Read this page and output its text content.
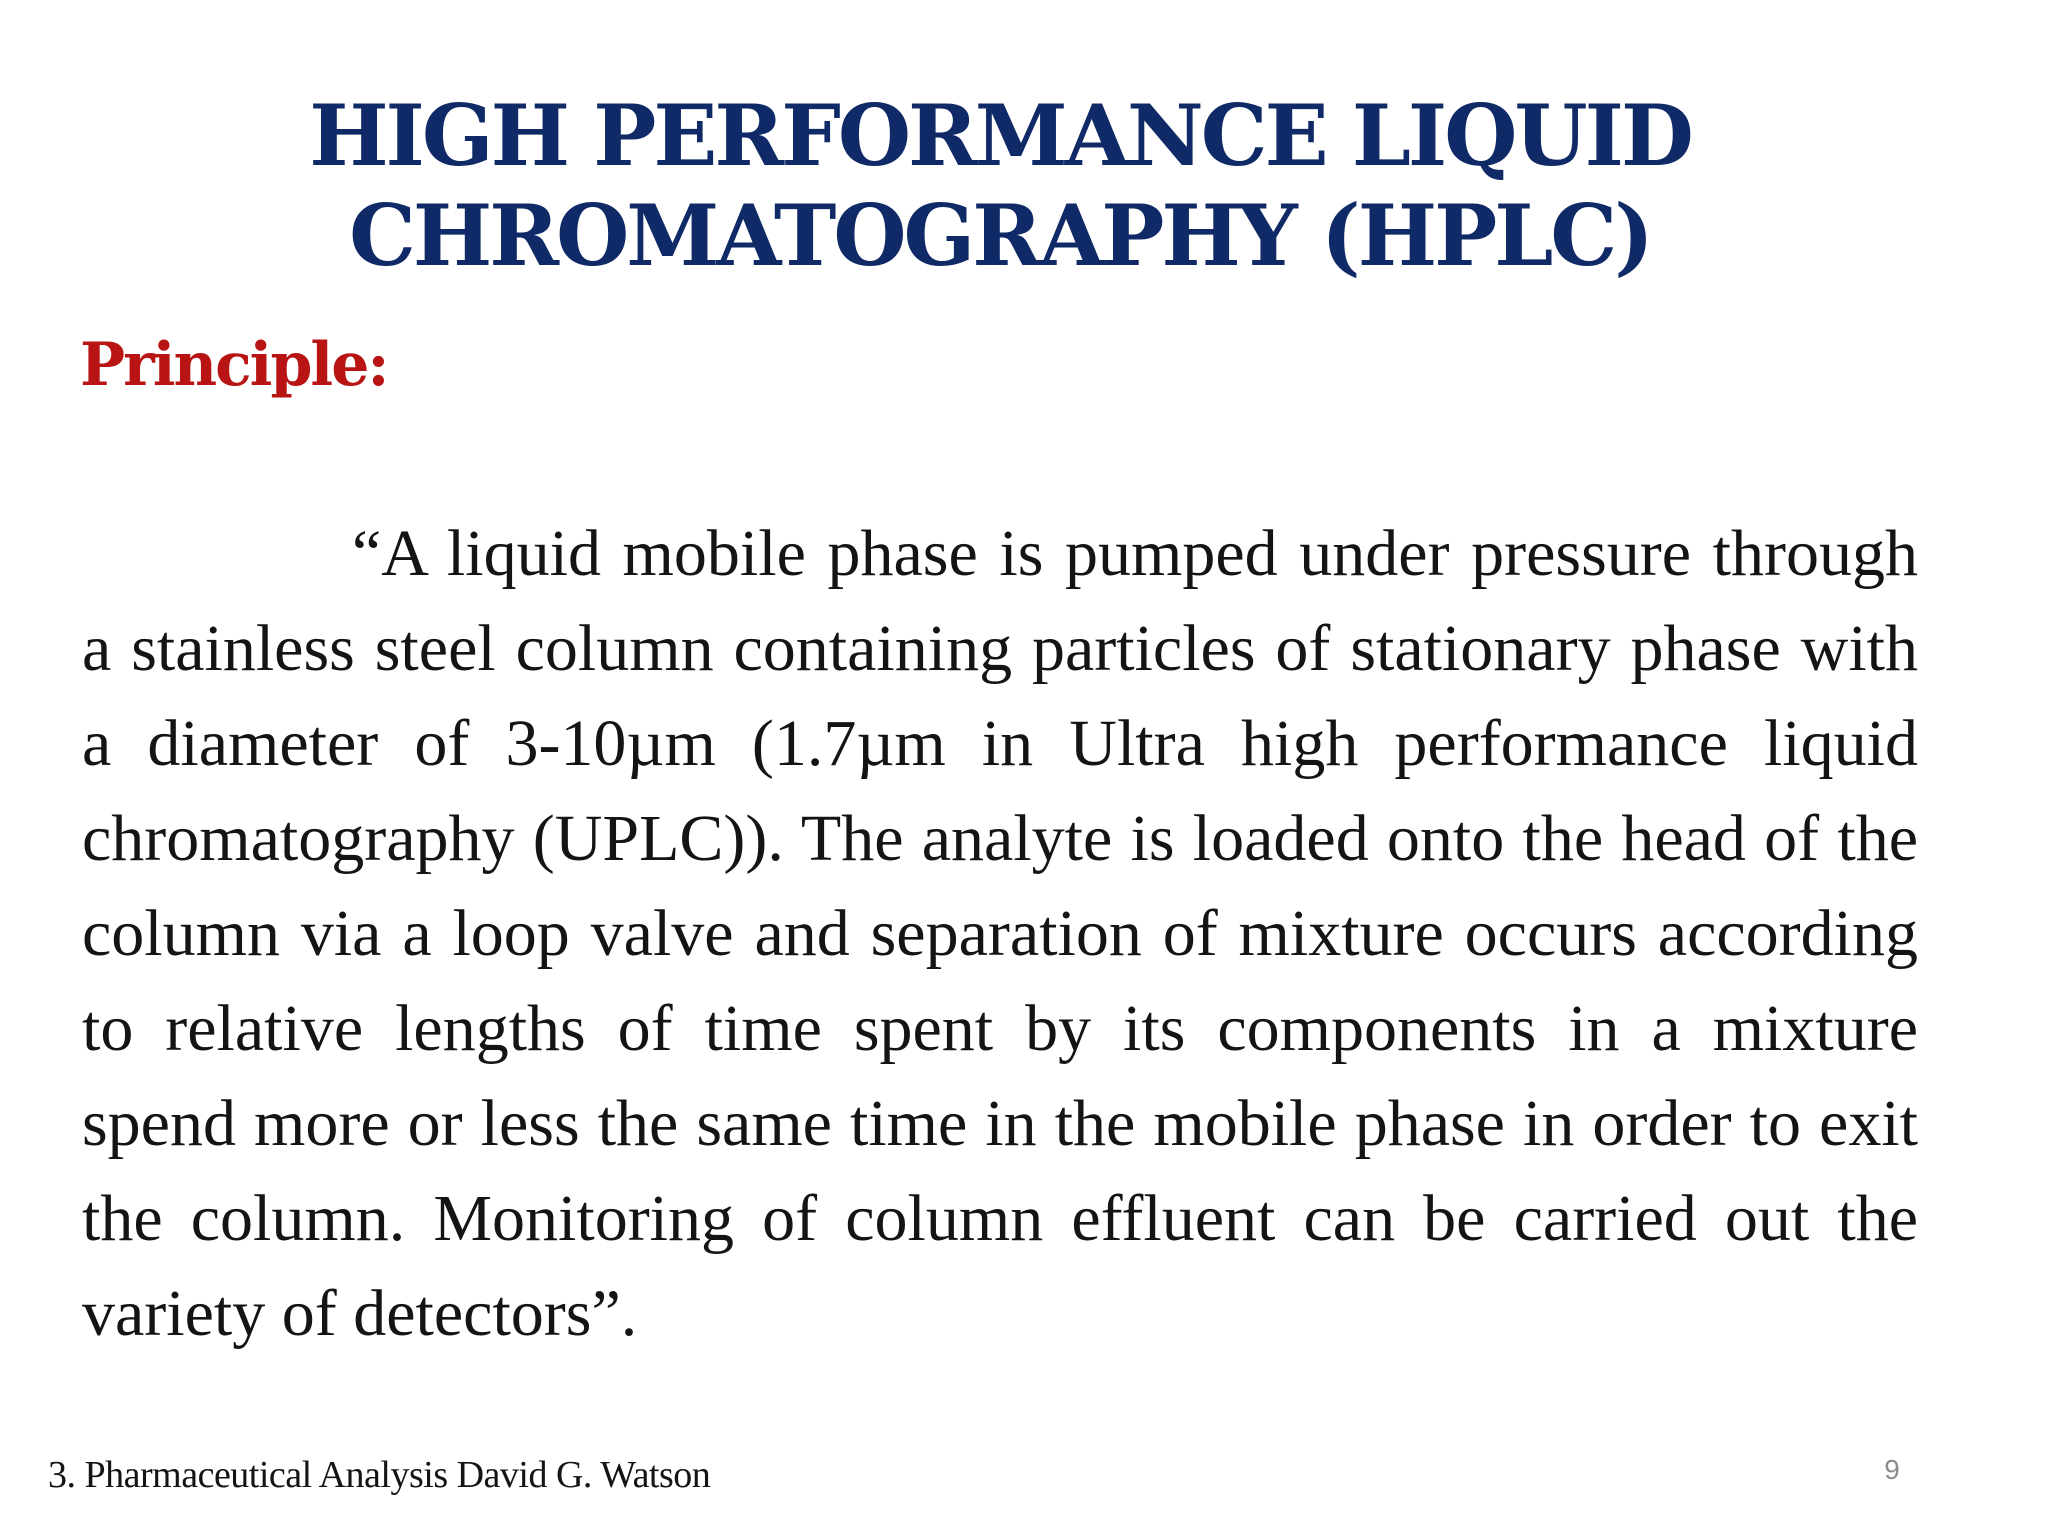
HIGH PERFORMANCE LIQUID
CHROMATOGRAPHY (HPLC)
Principle:

“A liquid mobile phase is pumped under pressure through a stainless steel column containing particles of stationary phase with a diameter of 3-10µm (1.7µm in Ultra high performance liquid chromatography (UPLC)). The analyte is loaded onto the head of the column via a loop valve and separation of mixture occurs according to relative lengths of time spent by its components in a mixture spend more or less the same time in the mobile phase in order to exit the column. Monitoring of column effluent can be carried out the variety of detectors”.

3. Pharmaceutical Analysis David G. Watson	9
